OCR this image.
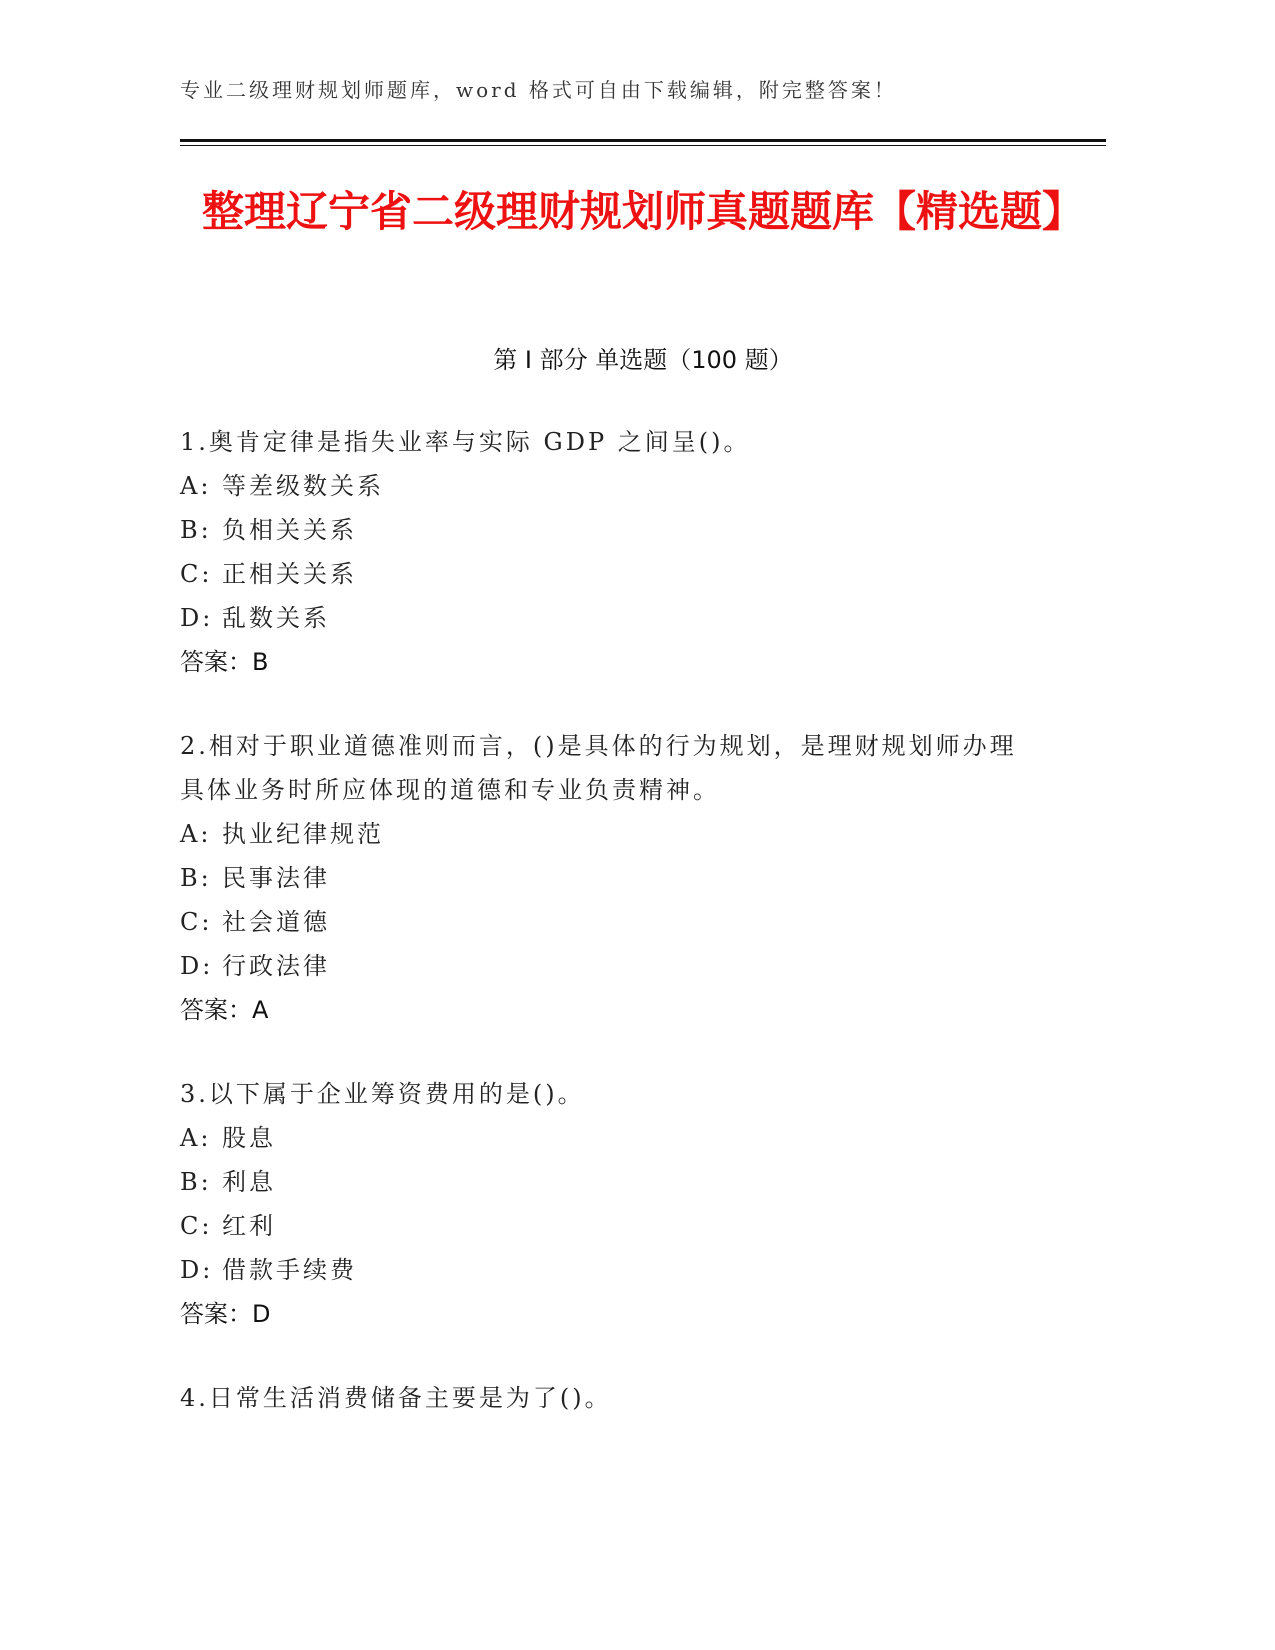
专业二级理财规划师题库，word 格式可自由下载编辑，附完整答案！
整理辽宁省二级理财规划师真题题库【精选题】
第 I 部分 单选题（100 题）

1.奥肯定律是指失业率与实际 GDP 之间呈()。

A: 等差级数关系

B: 负相关关系

C: 正相关关系

D: 乱数关系

答案：B

2.相对于职业道德准则而言，()是具体的行为规划，是理财规划师办理具体业务时所应体现的道德和专业负责精神。

A: 执业纪律规范

B: 民事法律

C: 社会道德

D: 行政法律

答案：A

3.以下属于企业筹资费用的是()。

A: 股息

B: 利息

C: 红利

D: 借款手续费

答案：D

4.日常生活消费储备主要是为了()。
